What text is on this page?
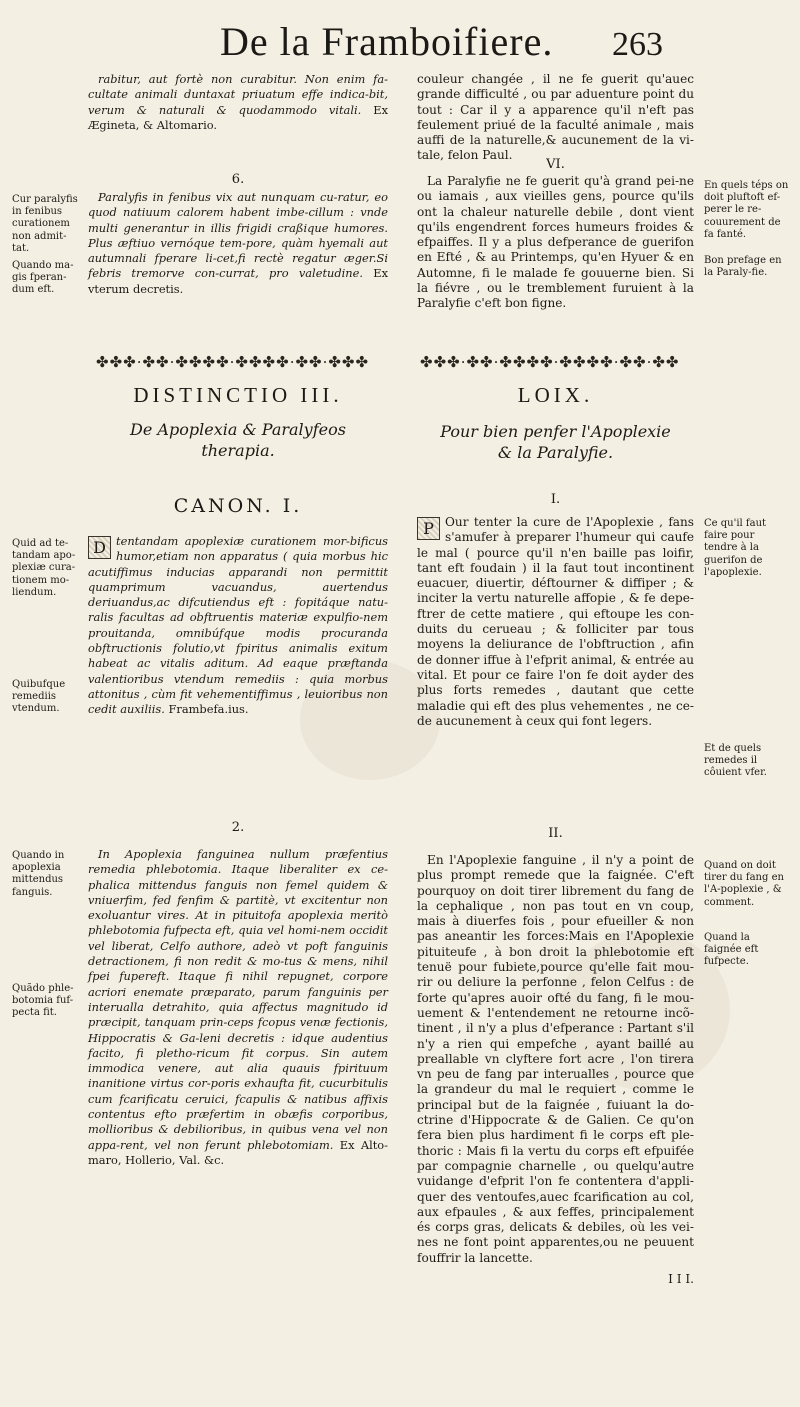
De la Framboifiere. 263

rabitur, aut fortè non curabitur. Non enim fa-cultate animali duntaxat priuatum effe indica-bit, verum & naturali & quodammodo vitali. Ex Ægineta, & Altomario.

6.

Paralyfis in fenibus vix aut nunquam cu-ratur, eo quod natiuum calorem habent imbe-cillum : vnde multi generantur in illis frigidi craßique humores. Plus æftiuo vernóque tem-pore, quàm hyemali aut autumnali fperare li-cet,fi rectè regatur æger.Si febris tremorve con-currat, pro valetudine. Ex vterum decretis.

Cur paralyfis in fenibus curationem non admit-tat.
Quando ma-gis fperan-dum eft.
✤✤✤·✤✤·✤✤✤✤·✤✤✤✤·✤✤·✤✤✤
DISTINCTIO III.
De Apoplexia & Paralyfeos
therapia.
CANON. I.

D tentandam apoplexiæ curationem mor-bificus humor,etiam non apparatus ( quia morbus hic acutiffimus inducias apparandi non permittit quamprimum vacuandus, auertendus deriuandus,ac difcutiendus eft : fopitáque natu-ralis facultas ad obftruentis materiæ expulfio-nem prouitanda, omnibúfque modis procuranda obftructionis folutio,vt fpiritus animalis exitum habeat ac vitalis aditum. Ad eaque præftanda valentioribus vtendum remediis : quia morbus attonitus , cùm fit vehementiffimus , leuioribus non cedit auxiliis. Frambefa.ius.

Quid ad te-tandam apo-plexiæ cura-tionem mo-liendum.
Quibufque remediis vtendum.
2.

In Apoplexia fanguinea nullum præfentius remedia phlebotomia. Itaque liberaliter ex ce-phalica mittendus fanguis non femel quidem & vniuerfim, fed fenfim & partitè, vt excitentur non exoluantur vires. At in pituitofa apoplexia meritò phlebotomia fufpecta eft, quia vel homi-nem occidit vel liberat, Celfo authore, adeò vt poft fanguinis detractionem, fi non redit & mo-tus & mens, nihil fpei fupereft. Itaque fi nihil repugnet, corpore acriori enemate præparato, parum fanguinis per interualla detrahito, quia affectus magnitudo id præcipit, tanquam prin-ceps fcopus venæ fectionis, Hippocratis & Ga-leni decretis : idque audentius facito, fi pletho-ricum fit corpus. Sin autem immodica venere, aut alia quauis fpirituum inanitione virtus cor-poris exhaufta fit, cucurbitulis cum fcarificatu ceruici, fcapulis & natibus affixis contentus efto præfertim in obæfis corporibus, mollioribus & debilioribus, in quibus vena vel non appa-rent, vel non ferunt phlebotomiam. Ex Alto-maro, Hollerio, Val. &c.

Quando in apoplexia mittendus fanguis.
Quãdo phle-botomia fuf-pecta fit.

couleur changée , il ne fe guerit qu'auec grande difficulté , ou par aduenture point du tout : Car il y a apparence qu'il n'eft pas feulement priué de la faculté animale , mais auffi de la naturelle,& aucunement de la vi-tale, felon Paul.

VI.

La Paralyfie ne fe guerit qu'à grand pei-ne ou iamais , aux vieilles gens, pource qu'ils ont la chaleur naturelle debile , dont vient qu'ils engendrent forces humeurs froides & efpaiffes. Il y a plus defperance de guerifon en Efté , & au Printemps, qu'en Hyuer & en Automne, fi le malade fe gouuerne bien. Si la fiévre , ou le tremblement furuient à la Paralyfie c'eft bon figne.

En quels téps on doit pluftoft ef-perer le re-couurement de fa fanté.
Bon prefage en la Paraly-fie.
✤✤✤·✤✤·✤✤✤✤·✤✤✤✤·✤✤·✤✤
LOIX.
Pour bien penfer l'Apoplexie
& la Paralyfie.
I.

P Our tenter la cure de l'Apoplexie , fans s'amufer à preparer l'humeur qui caufe le mal ( pource qu'il n'en baille pas loifir, tant eft foudain ) il la faut tout incontinent euacuer, diuertir, déftourner & diffiper ; & inciter la vertu naturelle affopie , & fe depe-ftrer de cette matiere , qui eftoupe les con-duits du cerueau ; & folliciter par tous moyens la deliurance de l'obftruction , afin de donner iffue à l'efprit animal, & entrée au vital. Et pour ce faire l'on fe doit ayder des plus forts remedes , dautant que cette maladie qui eft des plus vehementes , ne ce-de aucunement à ceux qui font legers.

Ce qu'il faut faire pour tendre à la guerifon de l'apoplexie.
Et de quels remedes il côuient vfer.
II.

En l'Apoplexie fanguine , il n'y a point de plus prompt remede que la faignée. C'eft pourquoy on doit tirer librement du fang de la cephalique , non pas tout en vn coup, mais à diuerfes fois , pour efueiller & non pas aneantir les forces:Mais en l'Apoplexie pituiteufe , à bon droit la phlebotomie eft tenuë pour fubiete,pource qu'elle fait mou-rir ou deliure la perfonne , felon Celfus : de forte qu'apres auoir ofté du fang, fi le mou-uement & l'entendement ne retourne incõ-tinent , il n'y a plus d'efperance : Partant s'il n'y a rien qui empefche , ayant baillé au preallable vn clyftere fort acre , l'on tirera vn peu de fang par interualles , pource que la grandeur du mal le requiert , comme le principal but de la faignée , fuiuant la do-ctrine d'Hippocrate & de Galien. Ce qu'on fera bien plus hardiment fi le corps eft ple-thoric : Mais fi la vertu du corps eft efpuifée par compagnie charnelle , ou quelqu'autre vuidange d'efprit l'on fe contentera d'appli-quer des ventoufes,auec fcarification au col, aux efpaules , & aux feffes, principalement és corps gras, delicats & debiles, où les vei-nes ne font point apparentes,ou ne peuuent fouffrir la lancette.

I I I.
Quand on doit tirer du fang en l'A-poplexie , & comment.
Quand la faignée eft fufpecte.
